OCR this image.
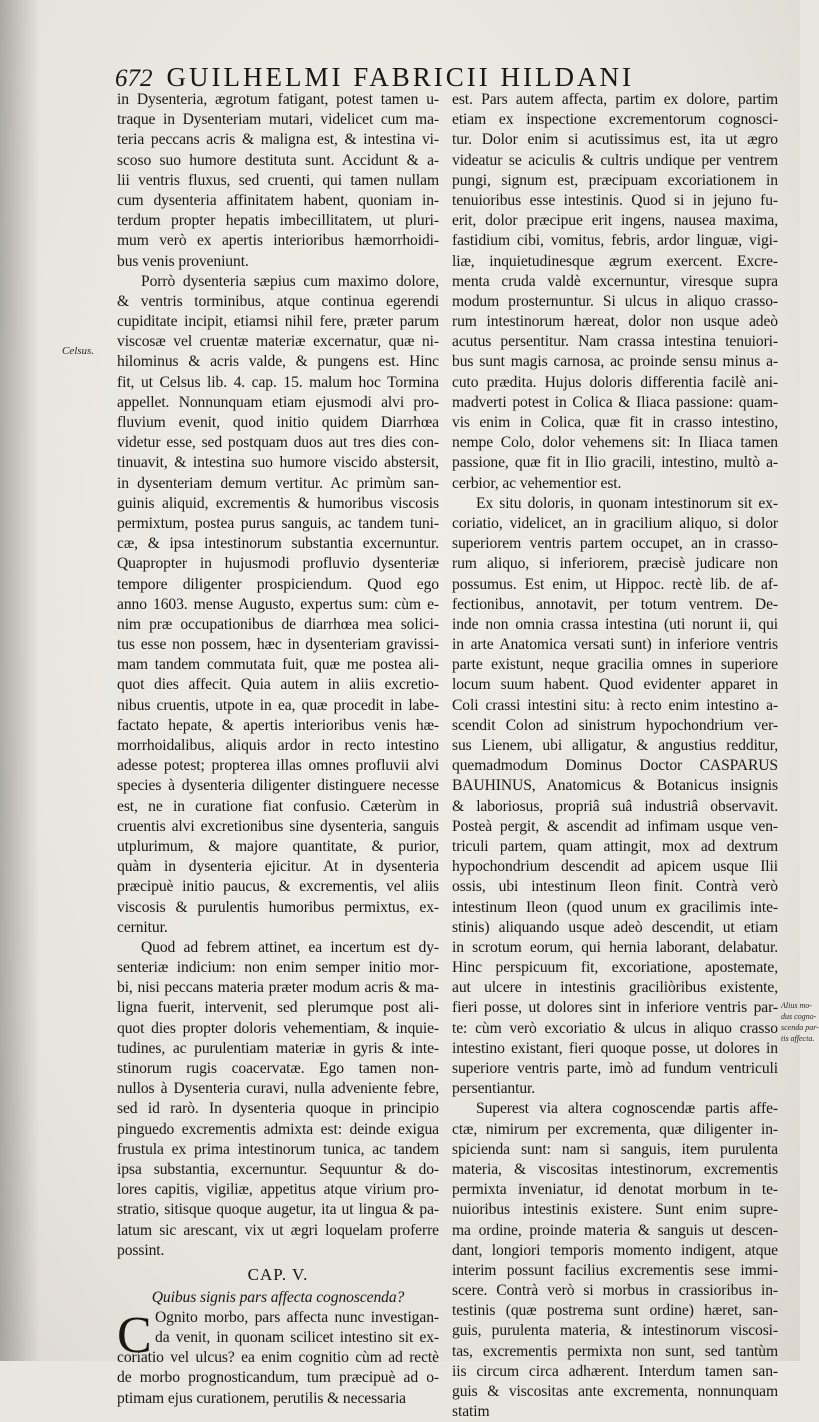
672 GUILHELMI FABRICII HILDANI
Celsus.
Alius mo-
dus cogno-
scenda par-
tis affecta.
in Dysenteria, ægrotum fatigant, potest tamen u-
traque in Dysenteriam mutari, videlicet cum ma-
teria peccans acris & maligna est, & intestina vi-
scoso suo humore destituta sunt. Accidunt & a-
lii ventris fluxus, sed cruenti, qui tamen nullam
cum dysenteria affinitatem habent, quoniam in-
terdum propter hepatis imbecillitatem, ut pluri-
mum verò ex apertis interioribus hæmorrhoidi-
bus venis proveniunt.
Porrò dysenteria sæpius cum maximo dolore,
& ventris torminibus, atque continua egerendi
cupiditate incipit, etiamsi nihil fere, præter parum
viscosæ vel cruentæ materiæ excernatur, quæ ni-
hilominus & acris valde, & pungens est. Hinc
fit, ut Celsus lib. 4. cap. 15. malum hoc Tormina
appellet. Nonnunquam etiam ejusmodi alvi pro-
fluvium evenit, quod initio quidem Diarrhœa
videtur esse, sed postquam duos aut tres dies con-
tinuavit, & intestina suo humore viscido abstersit,
in dysenteriam demum vertitur. Ac primùm san-
guinis aliquid, excrementis & humoribus viscosis
permixtum, postea purus sanguis, ac tandem tuni-
cæ, & ipsa intestinorum substantia excernuntur.
Quapropter in hujusmodi profluvio dysenteriæ
tempore diligenter prospiciendum. Quod ego
anno 1603. mense Augusto, expertus sum: cùm e-
nim præ occupationibus de diarrhœa mea solici-
tus esse non possem, hæc in dysenteriam gravissi-
mam tandem commutata fuit, quæ me postea ali-
quot dies affecit. Quia autem in aliis excretio-
nibus cruentis, utpote in ea, quæ procedit in labe-
factato hepate, & apertis interioribus venis hæ-
morrhoidalibus, aliquis ardor in recto intestino
adesse potest; propterea illas omnes profluvii alvi
species à dysenteria diligenter distinguere necesse
est, ne in curatione fiat confusio. Cæterùm in
cruentis alvi excretionibus sine dysenteria, sanguis
utplurimum, & majore quantitate, & purior,
quàm in dysenteria ejicitur. At in dysenteria
præcipuè initio paucus, & excrementis, vel aliis
viscosis & purulentis humoribus permixtus, ex-
cernitur.
Quod ad febrem attinet, ea incertum est dy-
senteriæ indicium: non enim semper initio mor-
bi, nisi peccans materia præter modum acris & ma-
ligna fuerit, intervenit, sed plerumque post ali-
quot dies propter doloris vehementiam, & inquie-
tudines, ac purulentiam materiæ in gyris & inte-
stinorum rugis coacervatæ. Ego tamen non-
nullos à Dysenteria curavi, nulla adveniente febre,
sed id rarò. In dysenteria quoque in principio
pinguedo excrementis admixta est: deinde exigua
frustula ex prima intestinorum tunica, ac tandem
ipsa substantia, excernuntur. Sequuntur & do-
lores capitis, vigiliæ, appetitus atque virium pro-
stratio, sitisque quoque augetur, ita ut lingua & pa-
latum sic arescant, vix ut ægri loquelam proferre
possint.
CAP. V.
Quibus signis pars affecta cognoscenda?
C Ognito morbo, pars affecta nunc investigan-
da venit, in quonam scilicet intestino sit ex-
coriatio vel ulcus? ea enim cognitio cùm ad rectè
de morbo prognosticandum, tum præcipuè ad o-
ptimam ejus curationem, perutilis & necessaria
est. Pars autem affecta, partim ex dolore, partim
etiam ex inspectione excrementorum cognosci-
tur. Dolor enim si acutissimus est, ita ut ægro
videatur se aciculis & cultris undique per ventrem
pungi, signum est, præcipuam excoriationem in
tenuioribus esse intestinis. Quod si in jejuno fu-
erit, dolor præcipue erit ingens, nausea maxima,
fastidium cibi, vomitus, febris, ardor linguæ, vigi-
liæ, inquietudinesque ægrum exercent. Excre-
menta cruda valdè excernuntur, viresque supra
modum prosternuntur. Si ulcus in aliquo crasso-
rum intestinorum hæreat, dolor non usque adeò
acutus persentitur. Nam crassa intestina tenuiori-
bus sunt magis carnosa, ac proinde sensu minus a-
cuto prædita. Hujus doloris differentia facilè ani-
madverti potest in Colica & Iliaca passione: quam-
vis enim in Colica, quæ fit in crasso intestino,
nempe Colo, dolor vehemens sit: In Iliaca tamen
passione, quæ fit in Ilio gracili, intestino, multò a-
cerbior, ac vehementior est.
Ex situ doloris, in quonam intestinorum sit ex-
coriatio, videlicet, an in gracilium aliquo, si dolor
superiorem ventris partem occupet, an in crasso-
rum aliquo, si inferiorem, præcisè judicare non
possumus. Est enim, ut Hippoc. rectè lib. de af-
fectionibus, annotavit, per totum ventrem. De-
inde non omnia crassa intestina (uti norunt ii, qui
in arte Anatomica versati sunt) in inferiore ventris
parte existunt, neque gracilia omnes in superiore
locum suum habent. Quod evidenter apparet in
Coli crassi intestini situ: à recto enim intestino a-
scendit Colon ad sinistrum hypochondrium ver-
sus Lienem, ubi alligatur, & angustius redditur,
quemadmodum Dominus Doctor CASPARUS
BAUHINUS, Anatomicus & Botanicus insignis
& laboriosus, propriâ suâ industriâ observavit.
Posteà pergit, & ascendit ad infimam usque ven-
triculi partem, quam attingit, mox ad dextrum
hypochondrium descendit ad apicem usque Ilii
ossis, ubi intestinum Ileon finit. Contrà verò
intestinum Ileon (quod unum ex gracilimis inte-
stinis) aliquando usque adeò descendit, ut etiam
in scrotum eorum, qui hernia laborant, delabatur.
Hinc perspicuum fit, excoriatione, apostemate,
aut ulcere in intestinis graciliòribus existente,
fieri posse, ut dolores sint in inferiore ventris par-
te: cùm verò excoriatio & ulcus in aliquo crasso
intestino existant, fieri quoque posse, ut dolores in
superiore ventris parte, imò ad fundum ventriculi
persentiantur.
Superest via altera cognoscendæ partis affe-
ctæ, nimirum per excrementa, quæ diligenter in-
spicienda sunt: nam si sanguis, item purulenta
materia, & viscositas intestinorum, excrementis
permixta inveniatur, id denotat morbum in te-
nuioribus intestinis existere. Sunt enim supre-
ma ordine, proinde materia & sanguis ut descen-
dant, longiori temporis momento indigent, atque
interim possunt facilius excrementis sese immi-
scere. Contrà verò si morbus in crassioribus in-
testinis (quæ postrema sunt ordine) hæret, san-
guis, purulenta materia, & intestinorum viscosi-
tas, excrementis permixta non sunt, sed tantùm
iis circum circa adhærent. Interdum tamen san-
guis & viscositas ante excrementa, nonnunquam
statim
